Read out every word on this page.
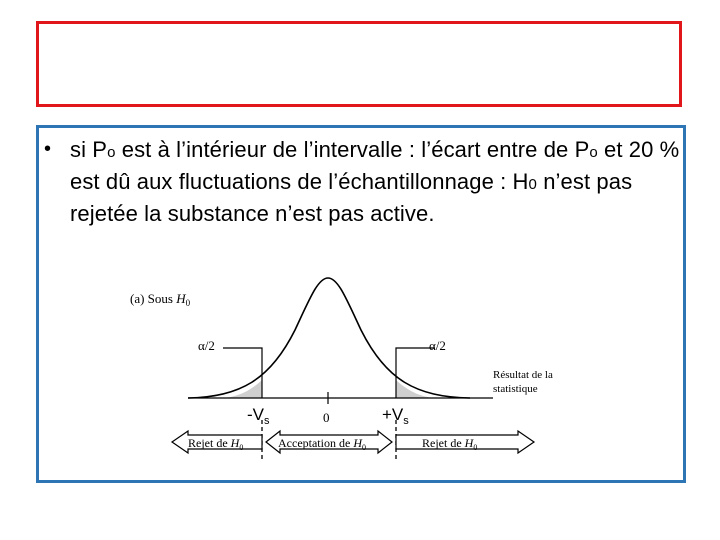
• si Po est à l’intérieur de l’intervalle : l’écart entre de Po et 20 % est dû aux fluctuations de l’échantillonnage : H0 n’est pas rejetée la substance n’est pas active.
(a) Sous $H_0$
α/2	α/2
Résultat de la
statistique
$-V_s$	0	$+V_s$
Rejet de $H_0$	Acceptation de $H_0$	Rejet de $H_0$
